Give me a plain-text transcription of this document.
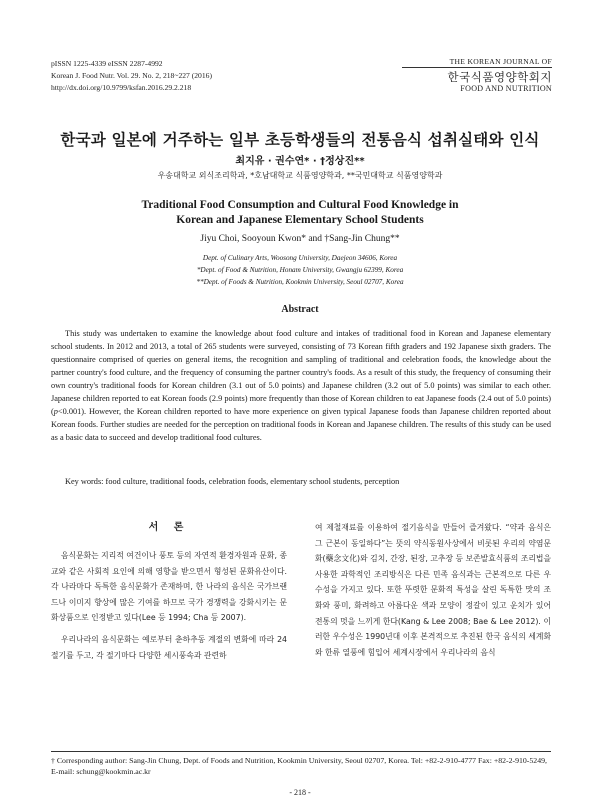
pISSN 1225-4339 eISSN 2287-4992
Korean J. Food Nutr. Vol. 29. No. 2, 218~227 (2016)
http://dx.doi.org/10.9799/ksfan.2016.29.2.218
THE KOREAN JOURNAL OF
한국식품영양학회지
FOOD AND NUTRITION
한국과 일본에 거주하는 일부 초등학생들의 전통음식 섭취실태와 인식
최지유 · 권수연* · †정상진**
우송대학교 외식조리학과, *호남대학교 식품영양학과, **국민대학교 식품영양학과
Traditional Food Consumption and Cultural Food Knowledge in
Korean and Japanese Elementary School Students
Jiyu Choi, Sooyoun Kwon* and †Sang-Jin Chung**
Dept. of Culinary Arts, Woosong University, Daejeon 34606, Korea
*Dept. of Food & Nutrition, Honam University, Gwangju 62399, Korea
**Dept. of Foods & Nutrition, Kookmin University, Seoul 02707, Korea
Abstract
This study was undertaken to examine the knowledge about food culture and intakes of traditional food in Korean and Japanese elementary school students. In 2012 and 2013, a total of 265 students were surveyed, consisting of 73 Korean fifth graders and 192 Japanese sixth graders. The questionnaire comprised of queries on general items, the recognition and sampling of traditional and celebration foods, the knowledge about the partner country's food culture, and the frequency of consuming the partner country's foods. As a result of this study, the frequency of consuming their own country's traditional foods for Korean children (3.1 out of 5.0 points) and Japanese children (3.2 out of 5.0 points) was similar to each other. Japanese children reported to eat Korean foods (2.9 points) more frequently than those of Korean children to eat Japanese foods (2.4 out of 5.0 points) (p<0.001). However, the Korean children reported to have more experience on given typical Japanese foods than Japanese children reported about Korean foods. Further studies are needed for the perception on traditional foods in Korean and Japanese children. The results of this study can be used as a basic data to succeed and develop traditional food cultures.
Key words: food culture, traditional foods, celebration foods, elementary school students, perception
서 론

음식문화는 지리적 여건이나 풍토 등의 자연적 환경자원과 문화, 종교와 같은 사회적 요인에 의해 영향을 받으면서 형성된 문화유산이다. 각 나라마다 독특한 음식문화가 존재하며, 한 나라의 음식은 국가브랜드나 이미지 향상에 많은 기여를 하므로 국가 경쟁력을 강화시키는 문화상품으로 인정받고 있다(Lee 등 1994; Cha 등 2007).

우리나라의 음식문화는 예로부터 춘하추동 계절의 변화에 따라 24절기를 두고, 각 절기마다 다양한 세시풍속과 관련하

여 제철재료를 이용하여 절기음식을 만들어 즐겨왔다. “약과 음식은 그 근본이 동일하다”는 뜻의 약식동원사상에서 비롯된 우리의 약염문화(藥念文化)와 김치, 간장, 된장, 고추장 등 보존발효식품의 조리법을 사용한 과학적인 조리방식은 다른 민족 음식과는 근본적으로 다른 우수성을 가지고 있다. 또한 뚜렷한 문화적 특성을 살린 독특한 맛의 조화와 풍미, 화려하고 아름다운 색과 모양이 정갈이 있고 운치가 있어 전통의 멋을 느끼게 한다(Kang & Lee 2008; Bae & Lee 2012). 이러한 우수성은 1990년대 이후 본격적으로 추진된 한국 음식의 세계화와 한류 열풍에 힘입어 세계시장에서 우리나라의 음식

† Corresponding author: Sang-Jin Chung, Dept. of Foods and Nutrition, Kookmin University, Seoul 02707, Korea. Tel: +82-2-910-4777 Fax: +82-2-910-5249, E-mail: schung@kookmin.ac.kr
- 218 -
